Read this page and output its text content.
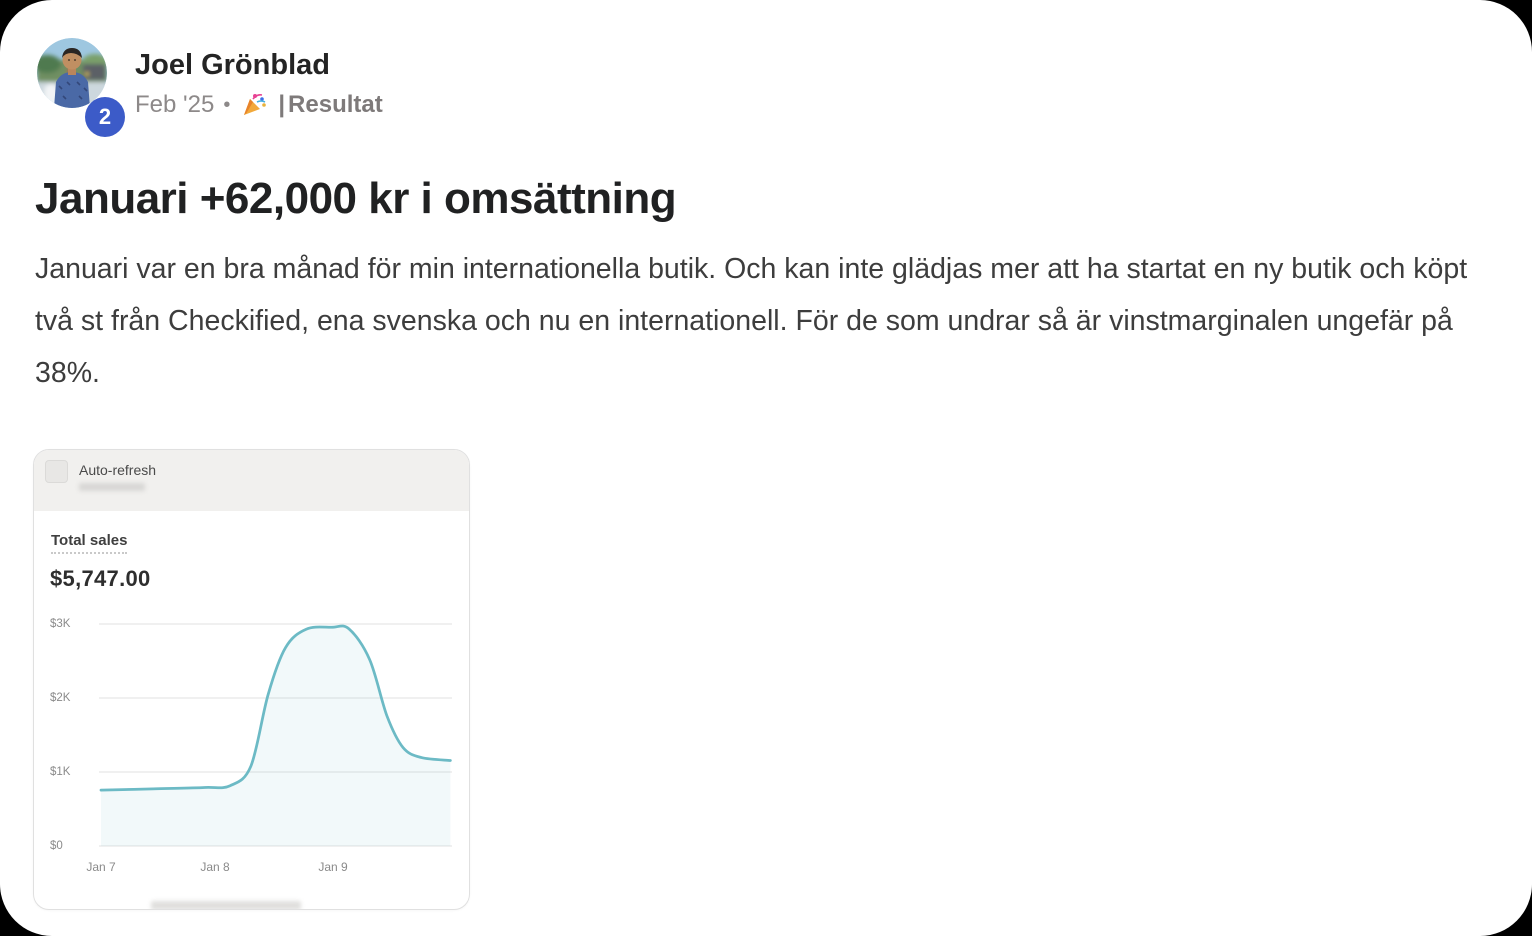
2
Joel Grönblad
Feb '25 • | Resultat
Januari +62,000 kr i omsättning

Januari var en bra månad för min internationella butik. Och kan inte glädjas mer att ha startat en ny butik och köpt två st från Checkified, ena svenska och nu en internationell. För de som undrar så är vinstmarginalen ungefär på 38%.

Auto-refresh
Total sales
$5,747.00
$3K
$2K
$1K
$0
Jan 7	Jan 8	Jan 9
